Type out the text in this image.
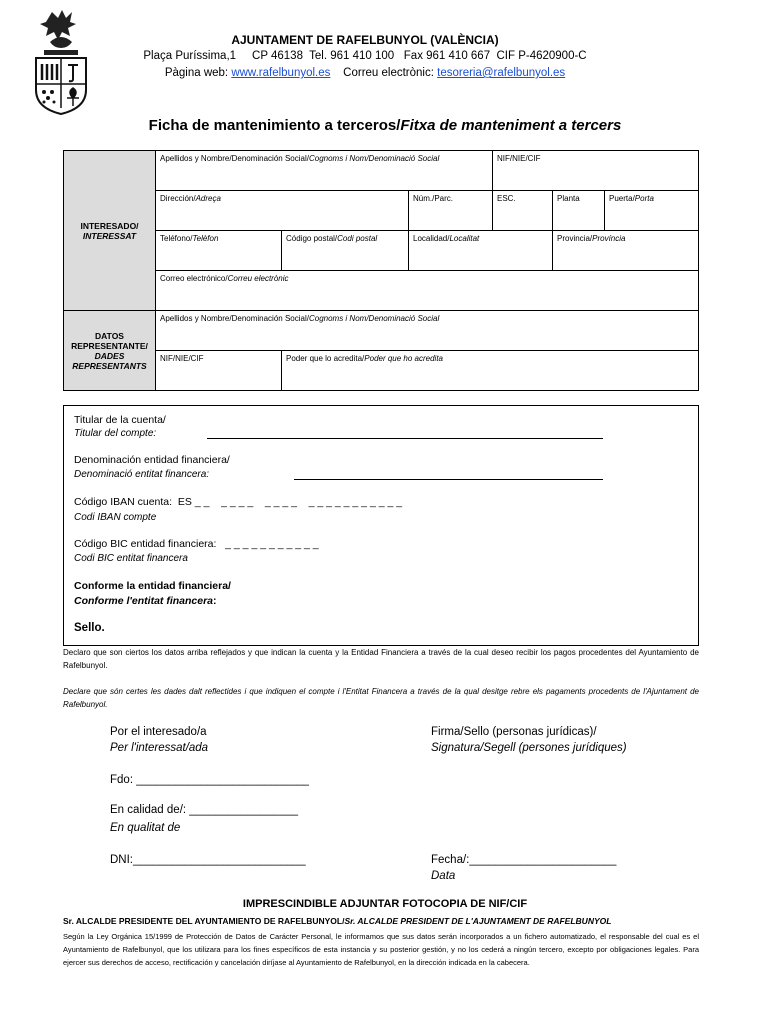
AJUNTAMENT DE RAFELBUNYOL (VALÈNCIA)
Plaça Puríssima,1     CP 46138  Tel. 961 410 100   Fax 961 410 667  CIF P-4620900-C
Pàgina web: www.rafelbunyol.es Correu electrònic: tesoreria@rafelbunyol.es
Ficha de mantenimiento a terceros/Fitxa de manteniment a tercers
INTERESADO/
INTERESSAT	Apellidos y Nombre/Denominación Social/Cognoms i Nom/Denominació Social			NIF/NIE/CIF		
	Dirección/Adreça		Núm./Parc.	ESC.	Planta	Puerta/Porta
	Teléfono/Telèfon	Código postal/Codi postal	Localidad/Localitat		Provincia/Província	
	Correo electrónico/Correu electrònic					

DATOS
REPRESENTANTE/
DADES
REPRESENTANTS	Apellidos y Nombre/Denominación Social/Cognoms i Nom/Denominació Social					
	NIF/NIE/CIF	Poder que lo acredita/Poder que ho acredita				
Titular de la cuenta/
Titular del compte:
Denominación entidad financiera/
Denominació entitat financera:
Código IBAN cuenta:  ES _ _    _ _ _ _    _ _ _ _    _ _ _ _ _ _ _ _ _ _ _
Codi IBAN compte
Código BIC entidad financiera:   _ _ _ _ _ _ _ _ _ _ _
Codi BIC entitat financera
Conforme la entidad financiera/
Conforme l'entitat financera:
Sello.
Declaro que son ciertos los datos arriba reflejados y que indican la cuenta y la Entidad Financiera a través de la cual deseo recibir los pagos procedentes del Ayuntamiento de Rafelbunyol.
Declare que són certes les dades dalt reflectides i que indiquen el compte i l'Entitat Financera a través de la qual desitge rebre els pagaments procedents de l'Ajuntament de Rafelbunyol.
Por el interesado/a
Per l'interessat/ada
Firma/Sello (personas jurídicas)/
Signatura/Segell (persones jurídiques)
Fdo: ___________________________
En calidad de/: _________________
En qualitat de
DNI:___________________________	Fecha/:_______________________
Data
IMPRESCINDIBLE ADJUNTAR FOTOCOPIA DE NIF/CIF
Sr. ALCALDE PRESIDENTE DEL AYUNTAMIENTO DE RAFELBUNYOL/Sr. ALCALDE PRESIDENT DE L'AJUNTAMENT DE RAFELBUNYOL
Según la Ley Orgánica 15/1999 de Protección de Datos de Carácter Personal, le informamos que sus datos serán incorporados a un fichero automatizado, el responsable del cual es el Ayuntamiento de Rafelbunyol, que los utilizara para los fines específicos de esta instancia y su posterior gestión, y no los cederá a ningún tercero, excepto por obligaciones legales. Para ejercer sus derechos de acceso, rectificación y cancelación diríjase al Ayuntamiento de Rafelbunyol, en la dirección indicada en la cabecera.
